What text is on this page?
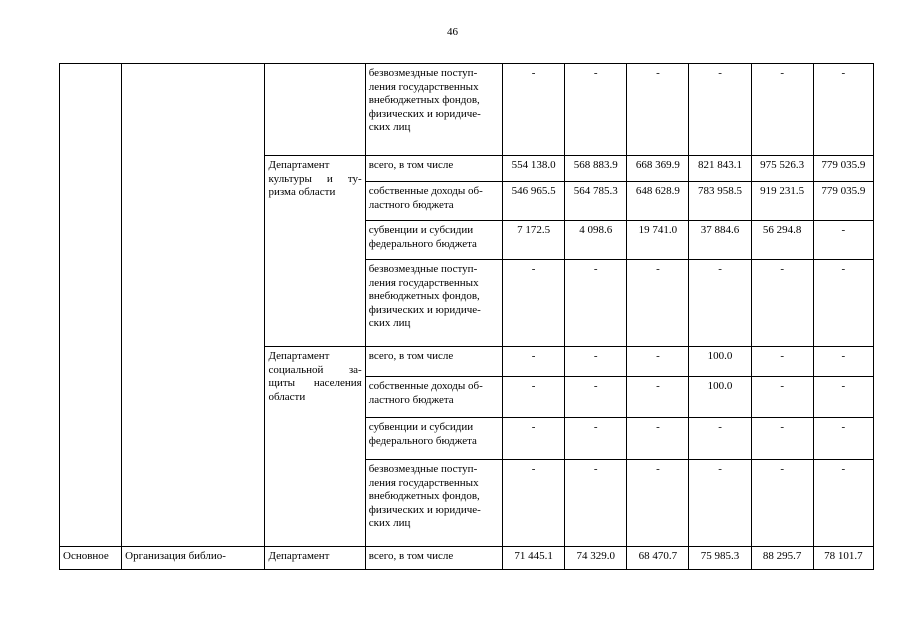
46
			безвозмездные поступ-ления государственных внебюджетных фондов, физических и юридиче-ских лиц	-	-	-	-	-	-
		Департамент культуры и ту-ризма области	всего, в том числе	554 138.0	568 883.9	668 369.9	821 843.1	975 526.3	779 035.9
			собственные доходы об-ластного бюджета	546 965.5	564 785.3	648 628.9	783 958.5	919 231.5	779 035.9
			субвенции и субсидии федерального бюджета	7 172.5	4 098.6	19 741.0	37 884.6	56 294.8	-
			безвозмездные поступ-ления государственных внебюджетных фондов, физических и юридиче-ских лиц	-	-	-	-	-	-
		Департамент социальной за-щиты населения области	всего, в том числе	-	-	-	100.0	-	-
			собственные доходы об-ластного бюджета	-	-	-	100.0	-	-
			субвенции и субсидии федерального бюджета	-	-	-	-	-	-
			безвозмездные поступ-ления государственных внебюджетных фондов, физических и юридиче-ских лиц	-	-	-	-	-	-
Основное	Организация библио-	Департамент	всего, в том числе	71 445.1	74 329.0	68 470.7	75 985.3	88 295.7	78 101.7
